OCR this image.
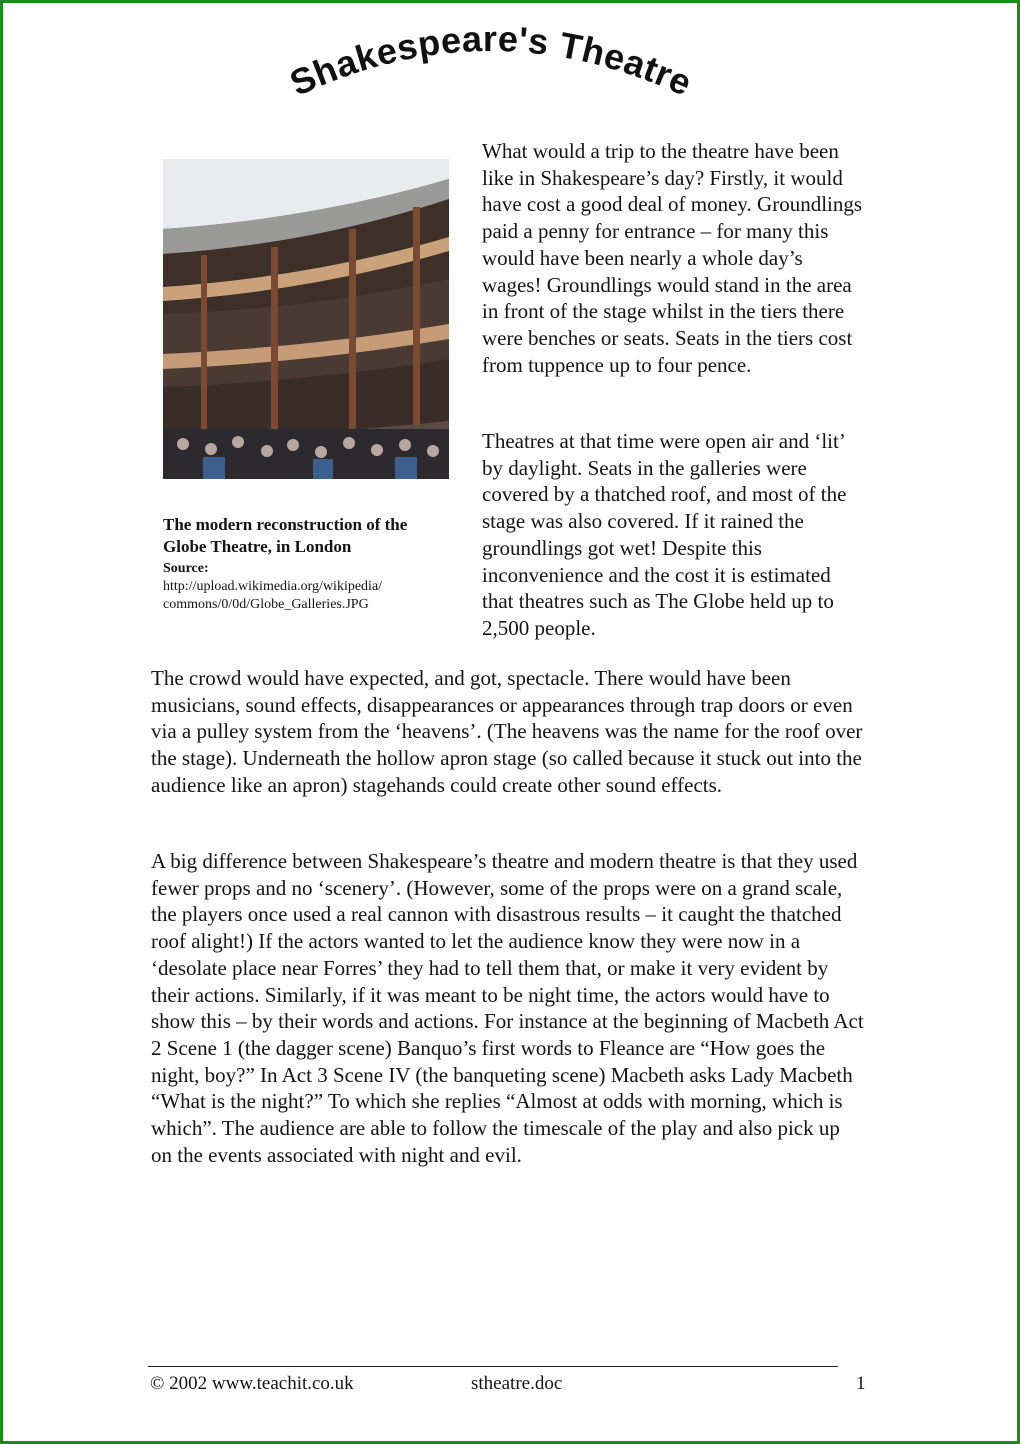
Shakespeare's Theatre

The modern reconstruction of the Globe Theatre, in London

Source:

http://upload.wikimedia.org/wikipedia/
commons/0/0d/Globe_Galleries.JPG

What would a trip to the theatre have been like in Shakespeare’s day? Firstly, it would have cost a good deal of money. Groundlings paid a penny for entrance – for many this would have been nearly a whole day’s wages! Groundlings would stand in the area in front of the stage whilst in the tiers there were benches or seats. Seats in the tiers cost from tuppence up to four pence.

Theatres at that time were open air and ‘lit’ by daylight. Seats in the galleries were covered by a thatched roof, and most of the stage was also covered. If it rained the groundlings got wet! Despite this inconvenience and the cost it is estimated that theatres such as The Globe held up to 2,500 people.

The crowd would have expected, and got, spectacle. There would have been musicians, sound effects, disappearances or appearances through trap doors or even via a pulley system from the ‘heavens’. (The heavens was the name for the roof over the stage). Underneath the hollow apron stage (so called because it stuck out into the audience like an apron) stagehands could create other sound effects.

A big difference between Shakespeare’s theatre and modern theatre is that they used fewer props and no ‘scenery’. (However, some of the props were on a grand scale, the players once used a real cannon with disastrous results – it caught the thatched roof alight!) If the actors wanted to let the audience know they were now in a ‘desolate place near Forres’ they had to tell them that, or make it very evident by their actions. Similarly, if it was meant to be night time, the actors would have to show this – by their words and actions. For instance at the beginning of Macbeth Act 2 Scene 1 (the dagger scene) Banquo’s first words to Fleance are “How goes the night, boy?” In Act 3 Scene IV (the banqueting scene) Macbeth asks Lady Macbeth “What is the night?” To which she replies “Almost at odds with morning, which is which”. The audience are able to follow the timescale of the play and also pick up on the events associated with night and evil.

© 2002 www.teachit.co.uk	stheatre.doc	1
